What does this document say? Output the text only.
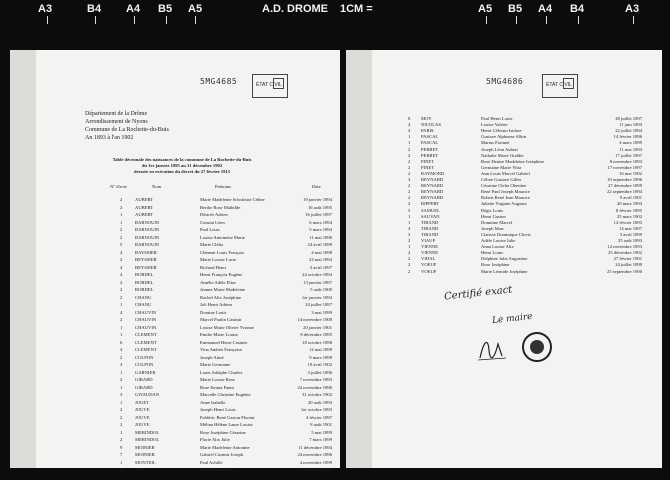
A3	B4 A4 B5 A5	A.D. DROME 1CM =	A5 B5 A4 B4	A3
5MG4685	ÉTAT CIVIL
Département de la Drôme
Arrondissement de Nyons
Commune de La Rochette-du-Buis
An 1893 à l'an 1902
Table décennale des naissances de la commune de La Rochette-du-Buis
du 1er janvier 1893 au 31 décembre 1902
dressée en exécution du décret du 27 février 1913
N° d'acte	Nom	Prénoms	Date
2	AUBERT	Marie Madeleine Scholastie Céline	19 janvier 1894
2	AUBERT	Berthe Rose Mathilde	16 août 1895
1	AUBERT	Désirée Adrien	16 juillet 1897
1	BARNOUIN	Constat Léon	6 mars 1894
2	BARNOUIN	Paul Louis	5 mars 1894
2	BARNOUIN	Louisa Antoinette Marie	11 mai 1896
5	BARNOUIN	Marie Clélia	24 avril 1899
4	BAYSSIER	Clément Louis François	4 mai 1898
2	BEYSSIER	Marie Louise Lucie	24 mai 1894
4	BEYSSIER	Richard Henri	3 avril 1897
4	BORDEL	Henri François Eugène	24 octobre 1894
2	BORDEL	Amélie Adèle Elise	13 janvier 1897
2	BORDEL	Jeanne Marie Madeleine	5 août 1900
2	CHANU	Rachel Alix Joséphine	1er janvier 1894
1	CHANU	Joli Henri Adrien	24 juillet 1897
4	CHAUVIN	Doraine Louis	3 mai 1899
2	CHAUVIN	Marcel Paulin Casimir	14 novembre 1900
1	CHAUVIN	Louise Marie Olivier Yvonne	20 janvier 1901
1	CLEMENT	Emilie Marie Louise	8 décembre 1895
6	CLEMENT	Emmanuel Henri Casimir	18 octobre 1898
4	CLEMENT	Yina Andréa Françoise	12 mai 1899
2	COLPON	Joseph Aimé	9 mars 1899
3	COLPON	Marie Germaine	19 avril 1902
1	GARNIER	Louis Adolphe Charles	3 juillet 1896
2	GIRARD	Marie Louise Rose	7 novembre 1893
1	GIRARD	Rose Emma Fanni	24 novembre 1896
3	GIVAUDAN	Marcelle Christine Eugénie	31 octobre 1902
1	JOUET	Anne Isabelle	20 août 1893
2	JOUVE	Joseph Henri Louis	1er octobre 1893
2	JOUVE	Frédéric René Gaston Florent	4 février 1897
2	JOUVE	Mélina Hélène Laure Louise	8 août 1901
1	MERINDOL	Rose Joséphine Césarine	5 mai 1899
2	MERINDOL	Florie Alix Julie	7 mars 1899
9	MOINIER	Marie Madeleine Antonine	11 décembre 1894
7	MOINIER	Gabriel Casimir Joseph	24 novembre 1896
1	MONTEIL	Paul Achille	4 novembre 1899
12 MOY	Marie Louise Julie	14 novembre 1898
5MG4686	ÉTAT CIVIL
8 MOY	Paul Henri Louis	28 juillet 1897
4 NICOLAS	Louise Valérie	11 juin 1893
4 PARIS	Henri Célestin Isidore	22 juillet 1894
1 PASCAL	Gustave Alphonse Albin	14 février 1896
1 PASCAL	Marius Fortuné	4 mars 1899
2 PERRET	Joseph Léon Aubert	11 mai 1893
2 PERRET	Nathalie Marie Oraldie	17 juillet 1897
2 PINET	Rose Denise Madeleine Joséphine	8 novembre 1893
2 PINET	Germaine Marie Yitta	17 novembre 1897
2 RAYMOND	Jean Louis Marcel Gabriel	16 mai 1902
3 REYNARD	Céline Gustave Gilles	19 septembre 1896
2 REYNARD	Césarine Clelia Obertine	27 décembre 1899
2 REYNARD	René Paul Joseph Maurice	22 septembre 1894
2 REYNARD	Robert René Jean Maurice	9 avril 1901
2 RIPPERT	Juliette Virginie Augusta	20 mars 1893
5 SAMUEL	Régis Louis	8 février 1895
1 SAUVAN	Henri Gaston	25 mars 1902
1 TIRAND	Domnine Marcel	14 février 1893
3 TIRAND	Joseph Marc	14 mai 1897
3 TIRAND	Clarisse Dominique Clovis	3 avril 1899
2 VIAUP	Adèle Louise Julie	25 août 1893
1 VIENNE	Anna Louise Alix	12 novembre 1893
2 VIENNE	Henri Louis	25 décembre 1902
2 VIDAL	Delphine Julie Augustine	27 février 1901
2 VOEUF	Rose Joséphine	24 juillet 1899
2 VOEUF	Marie Léonide Joséphine	25 septembre 1900
Certifié exact
Le maire
